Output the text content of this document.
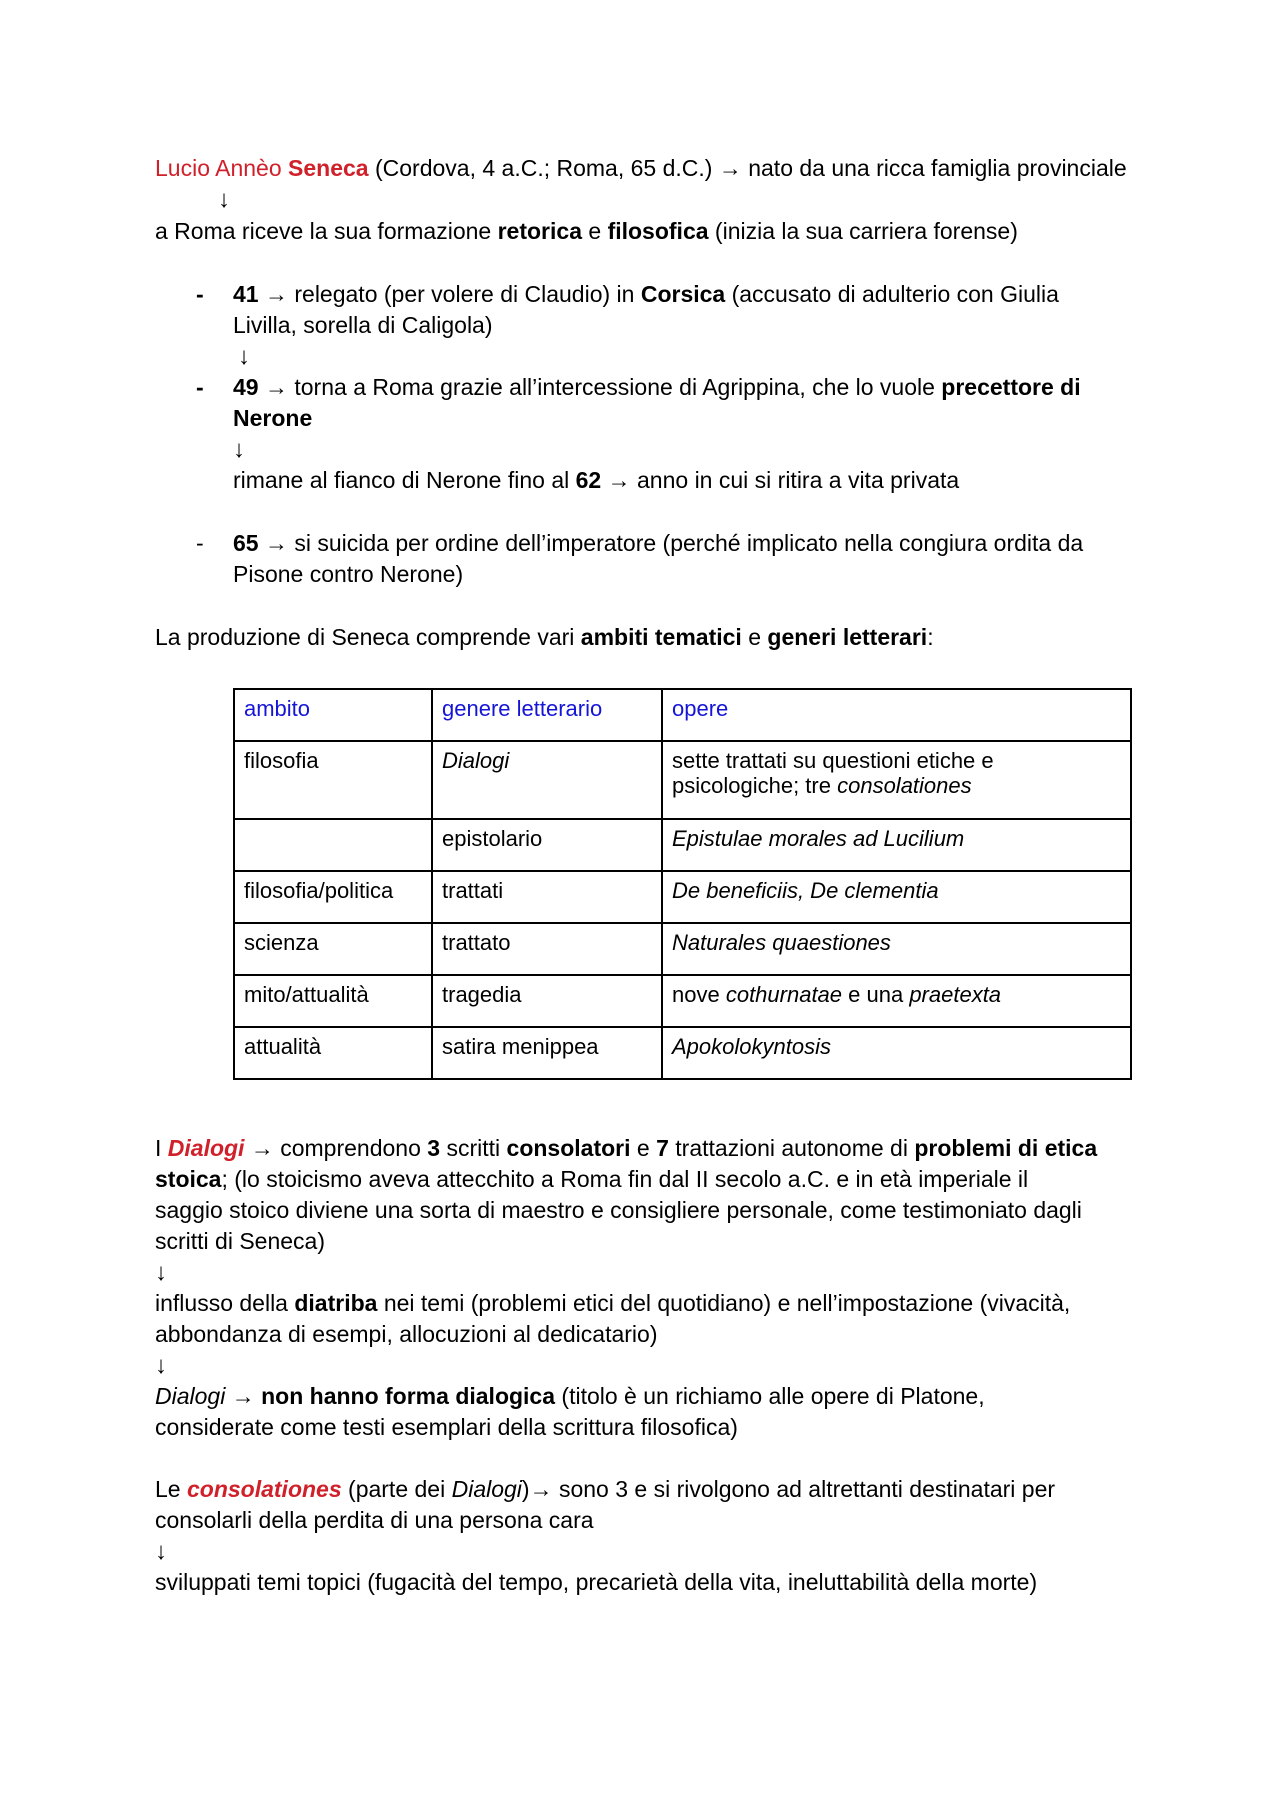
Lucio Annèo Seneca (Cordova, 4 a.C.; Roma, 65 d.C.) → nato da una ricca famiglia provinciale
↓
a Roma riceve la sua formazione retorica e filosofica (inizia la sua carriera forense)
- 41 → relegato (per volere di Claudio) in Corsica (accusato di adulterio con Giulia
Livilla, sorella di Caligola)
↓
- 49 → torna a Roma grazie all’intercessione di Agrippina, che lo vuole precettore di
Nerone
↓
rimane al fianco di Nerone fino al 62 → anno in cui si ritira a vita privata
- 65 → si suicida per ordine dell’imperatore (perché implicato nella congiura ordita da
Pisone contro Nerone)
La produzione di Seneca comprende vari ambiti tematici e generi letterari:
ambito	genere letterario	opere
filosofia	Dialogi	sette trattati su questioni etiche e
psicologiche; tre consolationes
	epistolario	Epistulae morales ad Lucilium
filosofia/politica	trattati	De beneficiis, De clementia
scienza	trattato	Naturales quaestiones
mito/attualità	tragedia	nove cothurnatae e una praetexta
attualità	satira menippea	Apokolokyntosis
I Dialogi → comprendono 3 scritti consolatori e 7 trattazioni autonome di problemi di etica
stoica; (lo stoicismo aveva attecchito a Roma fin dal II secolo a.C. e in età imperiale il
saggio stoico diviene una sorta di maestro e consigliere personale, come testimoniato dagli
scritti di Seneca)
↓
influsso della diatriba nei temi (problemi etici del quotidiano) e nell’impostazione (vivacità,
abbondanza di esempi, allocuzioni al dedicatario)
↓
Dialogi → non hanno forma dialogica (titolo è un richiamo alle opere di Platone,
considerate come testi esemplari della scrittura filosofica)
Le consolationes (parte dei Dialogi)→ sono 3 e si rivolgono ad altrettanti destinatari per
consolarli della perdita di una persona cara
↓
sviluppati temi topici (fugacità del tempo, precarietà della vita, ineluttabilità della morte)
